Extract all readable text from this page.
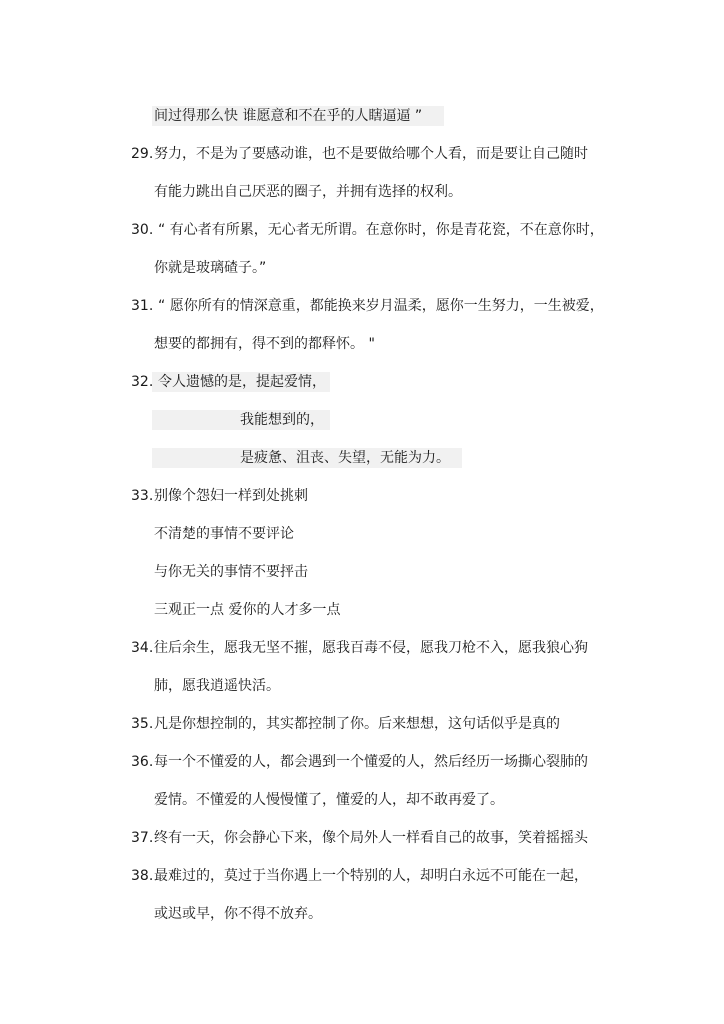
间过得那么快 谁愿意和不在乎的人瞎逼逼 ”
29. 努力，不是为了要感动谁，也不是要做给哪个人看，而是要让自己随时
有能力跳出自己厌恶的圈子，并拥有选择的权利。
30. “ 有心者有所累，无心者无所谓。在意你时，你是青花瓷，不在意你时，
你就是玻璃碴子。”
31. “ 愿你所有的情深意重，都能换来岁月温柔，愿你一生努力，一生被爱，
想要的都拥有，得不到的都释怀。 "
32. 令人遗憾的是，提起爱情，
我能想到的，
是疲惫、沮丧、失望，无能为力。
33. 别像个怨妇一样到处挑刺
不清楚的事情不要评论
与你无关的事情不要抨击
三观正一点 爱你的人才多一点
34. 往后余生，愿我无坚不摧，愿我百毒不侵，愿我刀枪不入，愿我狼心狗
肺，愿我逍遥快活。
35. 凡是你想控制的，其实都控制了你。后来想想，这句话似乎是真的
36. 每一个不懂爱的人，都会遇到一个懂爱的人，然后经历一场撕心裂肺的
爱情。不懂爱的人慢慢懂了，懂爱的人，却不敢再爱了。
37. 终有一天，你会静心下来，像个局外人一样看自己的故事，笑着摇摇头
38. 最难过的，莫过于当你遇上一个特别的人，却明白永远不可能在一起，
或迟或早，你不得不放弃。
